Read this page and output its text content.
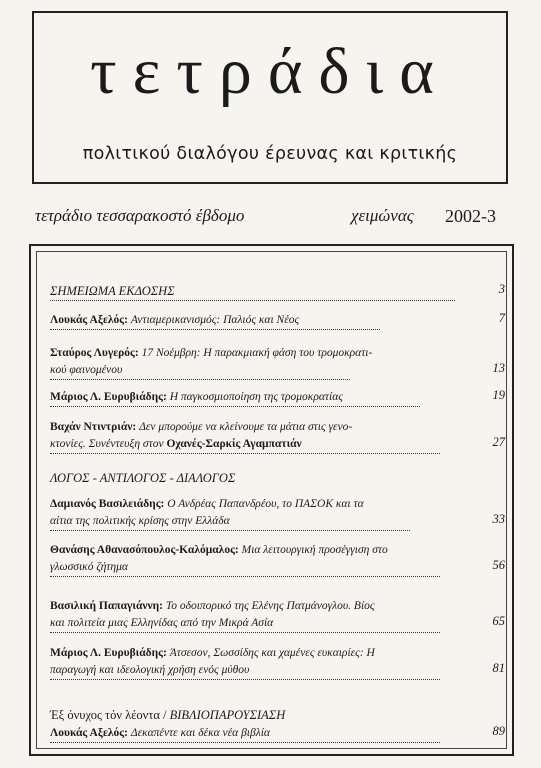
τετράδια
πολιτικού διαλόγου έρευνας και κριτικής
τετράδιο τεσσαρακοστό έβδομο	χειμώνας 2002-3
ΣΗΜΕΙΩΜΑ ΕΚΔΟΣΗΣ	3
Λουκάς Αξελός: Αντιαμερικανισμός: Παλιός και Νέος	7
Σταύρος Λυγερός: 17 Νοέμβρη: Η παρακμιακή φάση του τρομοκρατι-
κού φαινομένου	13
Μάριος Λ. Ευρυβιάδης: Η παγκοσμιοποίηση της τρομοκρατίας	19
Βαχάν Ντιντριάν: Δεν μπορούμε να κλείνουμε τα μάτια στις γενο-
κτονίες. Συνέντευξη στον Οχανές-Σαρκίς Αγαμπατιάν	27
ΛΟΓΟΣ - ΑΝΤΙΛΟΓΟΣ - ΔΙΑΛΟΓΟΣ
Δαμιανός Βασιλειάδης: Ο Ανδρέας Παπανδρέου, το ΠΑΣΟΚ και τα
αίτια της πολιτικής κρίσης στην Ελλάδα	33
Θανάσης Αθανασόπουλος-Καλόμαλος: Μια λειτουργική προσέγγιση στο
γλωσσικό ζήτημα	56
Βασιλική Παπαγιάννη: Το οδοιπορικό της Ελένης Πατμάνογλου. Βίος
και πολιτεία μιας Ελληνίδας από την Μικρά Ασία	65
Μάριος Λ. Ευρυβιάδης: Άτσεσον, Σωσσίδης και χαμένες ευκαιρίες: Η
παραγωγή και ιδεολογική χρήση ενός μύθου	81
Έξ όνυχος τόν λέοντα / ΒΙΒΛΙΟΠΑΡΟΥΣΙΑΣΗ
Λουκάς Αξελός: Δεκαπέντε και δέκα νέα βιβλία	89
